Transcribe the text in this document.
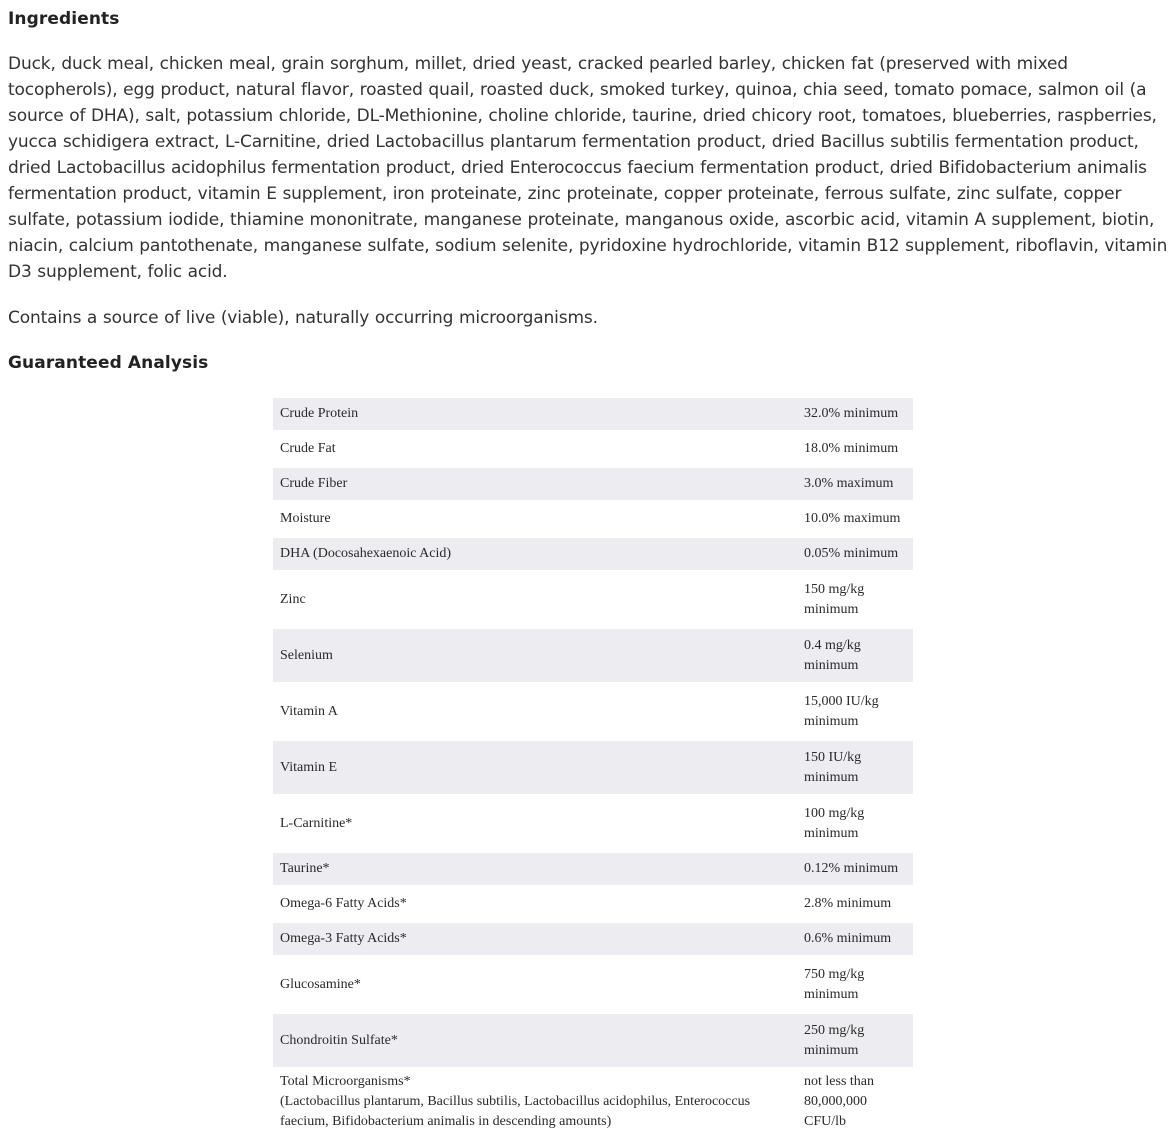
Ingredients

Duck, duck meal, chicken meal, grain sorghum, millet, dried yeast, cracked pearled barley, chicken fat (preserved with mixed tocopherols), egg product, natural flavor, roasted quail, roasted duck, smoked turkey, quinoa, chia seed, tomato pomace, salmon oil (a source of DHA), salt, potassium chloride, DL-Methionine, choline chloride, taurine, dried chicory root, tomatoes, blueberries, raspberries, yucca schidigera extract, L-Carnitine, dried Lactobacillus plantarum fermentation product, dried Bacillus subtilis fermentation product, dried Lactobacillus acidophilus fermentation product, dried Enterococcus faecium fermentation product, dried Bifidobacterium animalis fermentation product, vitamin E supplement, iron proteinate, zinc proteinate, copper proteinate, ferrous sulfate, zinc sulfate, copper sulfate, potassium iodide, thiamine mononitrate, manganese proteinate, manganous oxide, ascorbic acid, vitamin A supplement, biotin, niacin, calcium pantothenate, manganese sulfate, sodium selenite, pyridoxine hydrochloride, vitamin B12 supplement, riboflavin, vitamin D3 supplement, folic acid.

Contains a source of live (viable), naturally occurring microorganisms.

Guaranteed Analysis
Crude Protein	32.0% minimum
Crude Fat	18.0% minimum
Crude Fiber	3.0% maximum
Moisture	10.0% maximum
DHA (Docosahexaenoic Acid)	0.05% minimum
Zinc	150 mg/kg minimum
Selenium	0.4 mg/kg minimum
Vitamin A	15,000 IU/kg minimum
Vitamin E	150 IU/kg minimum
L-Carnitine*	100 mg/kg minimum
Taurine*	0.12% minimum
Omega-6 Fatty Acids*	2.8% minimum
Omega-3 Fatty Acids*	0.6% minimum
Glucosamine*	750 mg/kg minimum
Chondroitin Sulfate*	250 mg/kg minimum

Total Microorganisms*
(Lactobacillus plantarum, Bacillus subtilis, Lactobacillus acidophilus, Enterococcus faecium, Bifidobacterium animalis in descending amounts)	not less than 80,000,000 CFU/lb
